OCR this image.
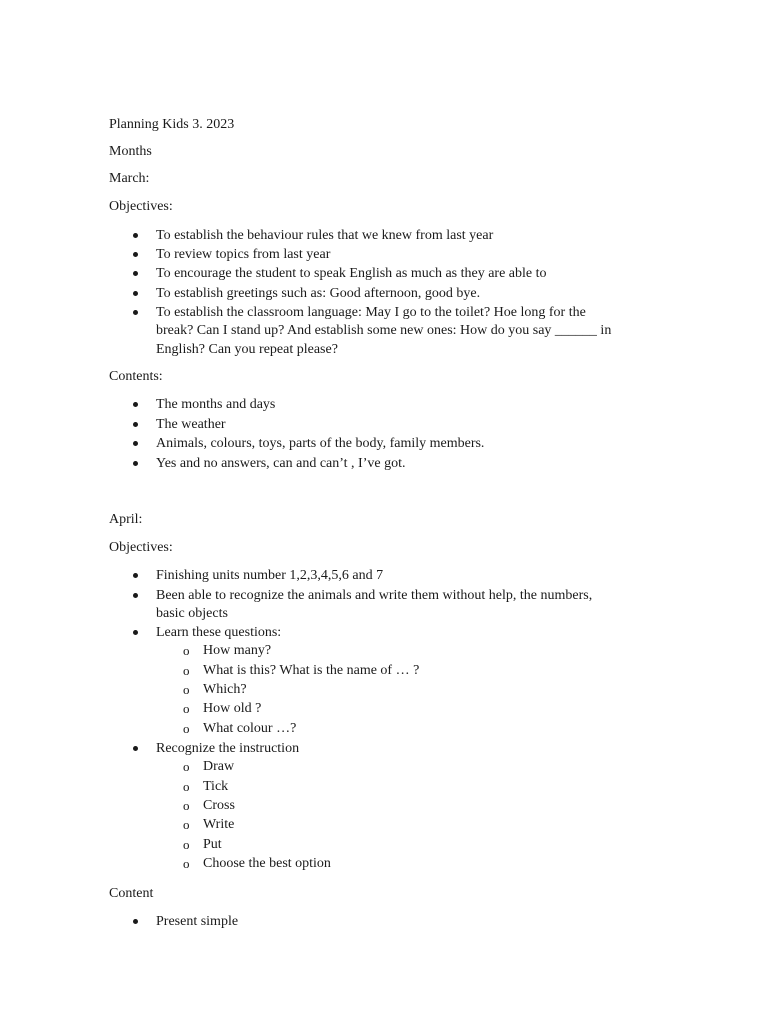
Planning Kids 3. 2023
Months
March:
Objectives:
To establish the behaviour rules that we knew from last year
To review topics from last year
To encourage the student to speak English as much as they are able to
To establish greetings such as: Good afternoon, good bye.
To establish the classroom language: May I go to the toilet? Hoe long for the
break? Can I stand up? And establish some new ones: How do you say ______ in
English? Can you repeat please?
Contents:
The months and days
The weather
Animals, colours, toys, parts of the body, family members.
Yes and no answers, can and can’t , I’ve got.
April:
Objectives:
Finishing units number 1,2,3,4,5,6 and 7
Been able to recognize the animals and write them without help, the numbers,
basic objects
Learn these questions:
o How many?
o What is this? What is the name of … ?
o Which?
o How old ?
o What colour …?
Recognize the instruction
o Draw
o Tick
o Cross
o Write
o Put
o Choose the best option
Content
Present simple
